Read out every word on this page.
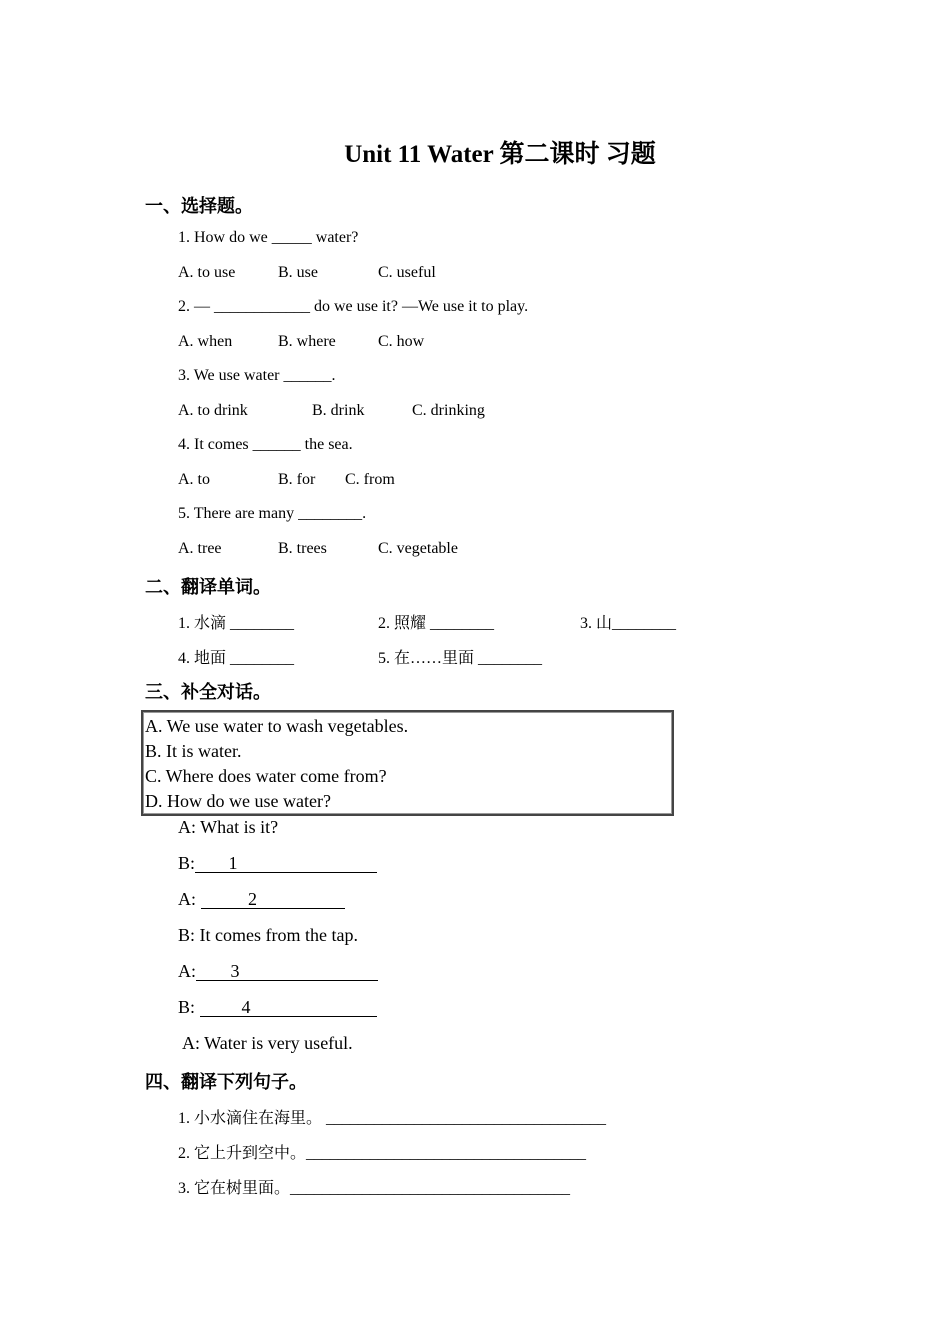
Unit 11 Water 第二课时 习题
一、选择题。
1. How do we _____ water?
A. to use	B. use	C. useful
2. — ____________ do we use it? —We use it to play.
A. when	B. where	C. how
3. We use water ______.
A. to drink	B. drink	C. drinking
4. It comes ______ the sea.
A. to	B. for C. from
5. There are many ________.
A. tree	B. trees	C. vegetable
二、翻译单词。
1. 水滴 ________	2. 照耀 ________	3. 山________
4. 地面 ________	5. 在……里面 ________
三、补全对话。
A. We use water to wash vegetables.
B. It is water.
C. Where does water come from?
D. How do we use water?
A: What is it?
B: 1
A:	2
B: It comes from the tap.
A: 3
B: 4
A: Water is very useful.
四、翻译下列句子。
1. 小水滴住在海里。 ___________________________________
2. 它上升到空中。___________________________________
3. 它在树里面。___________________________________
